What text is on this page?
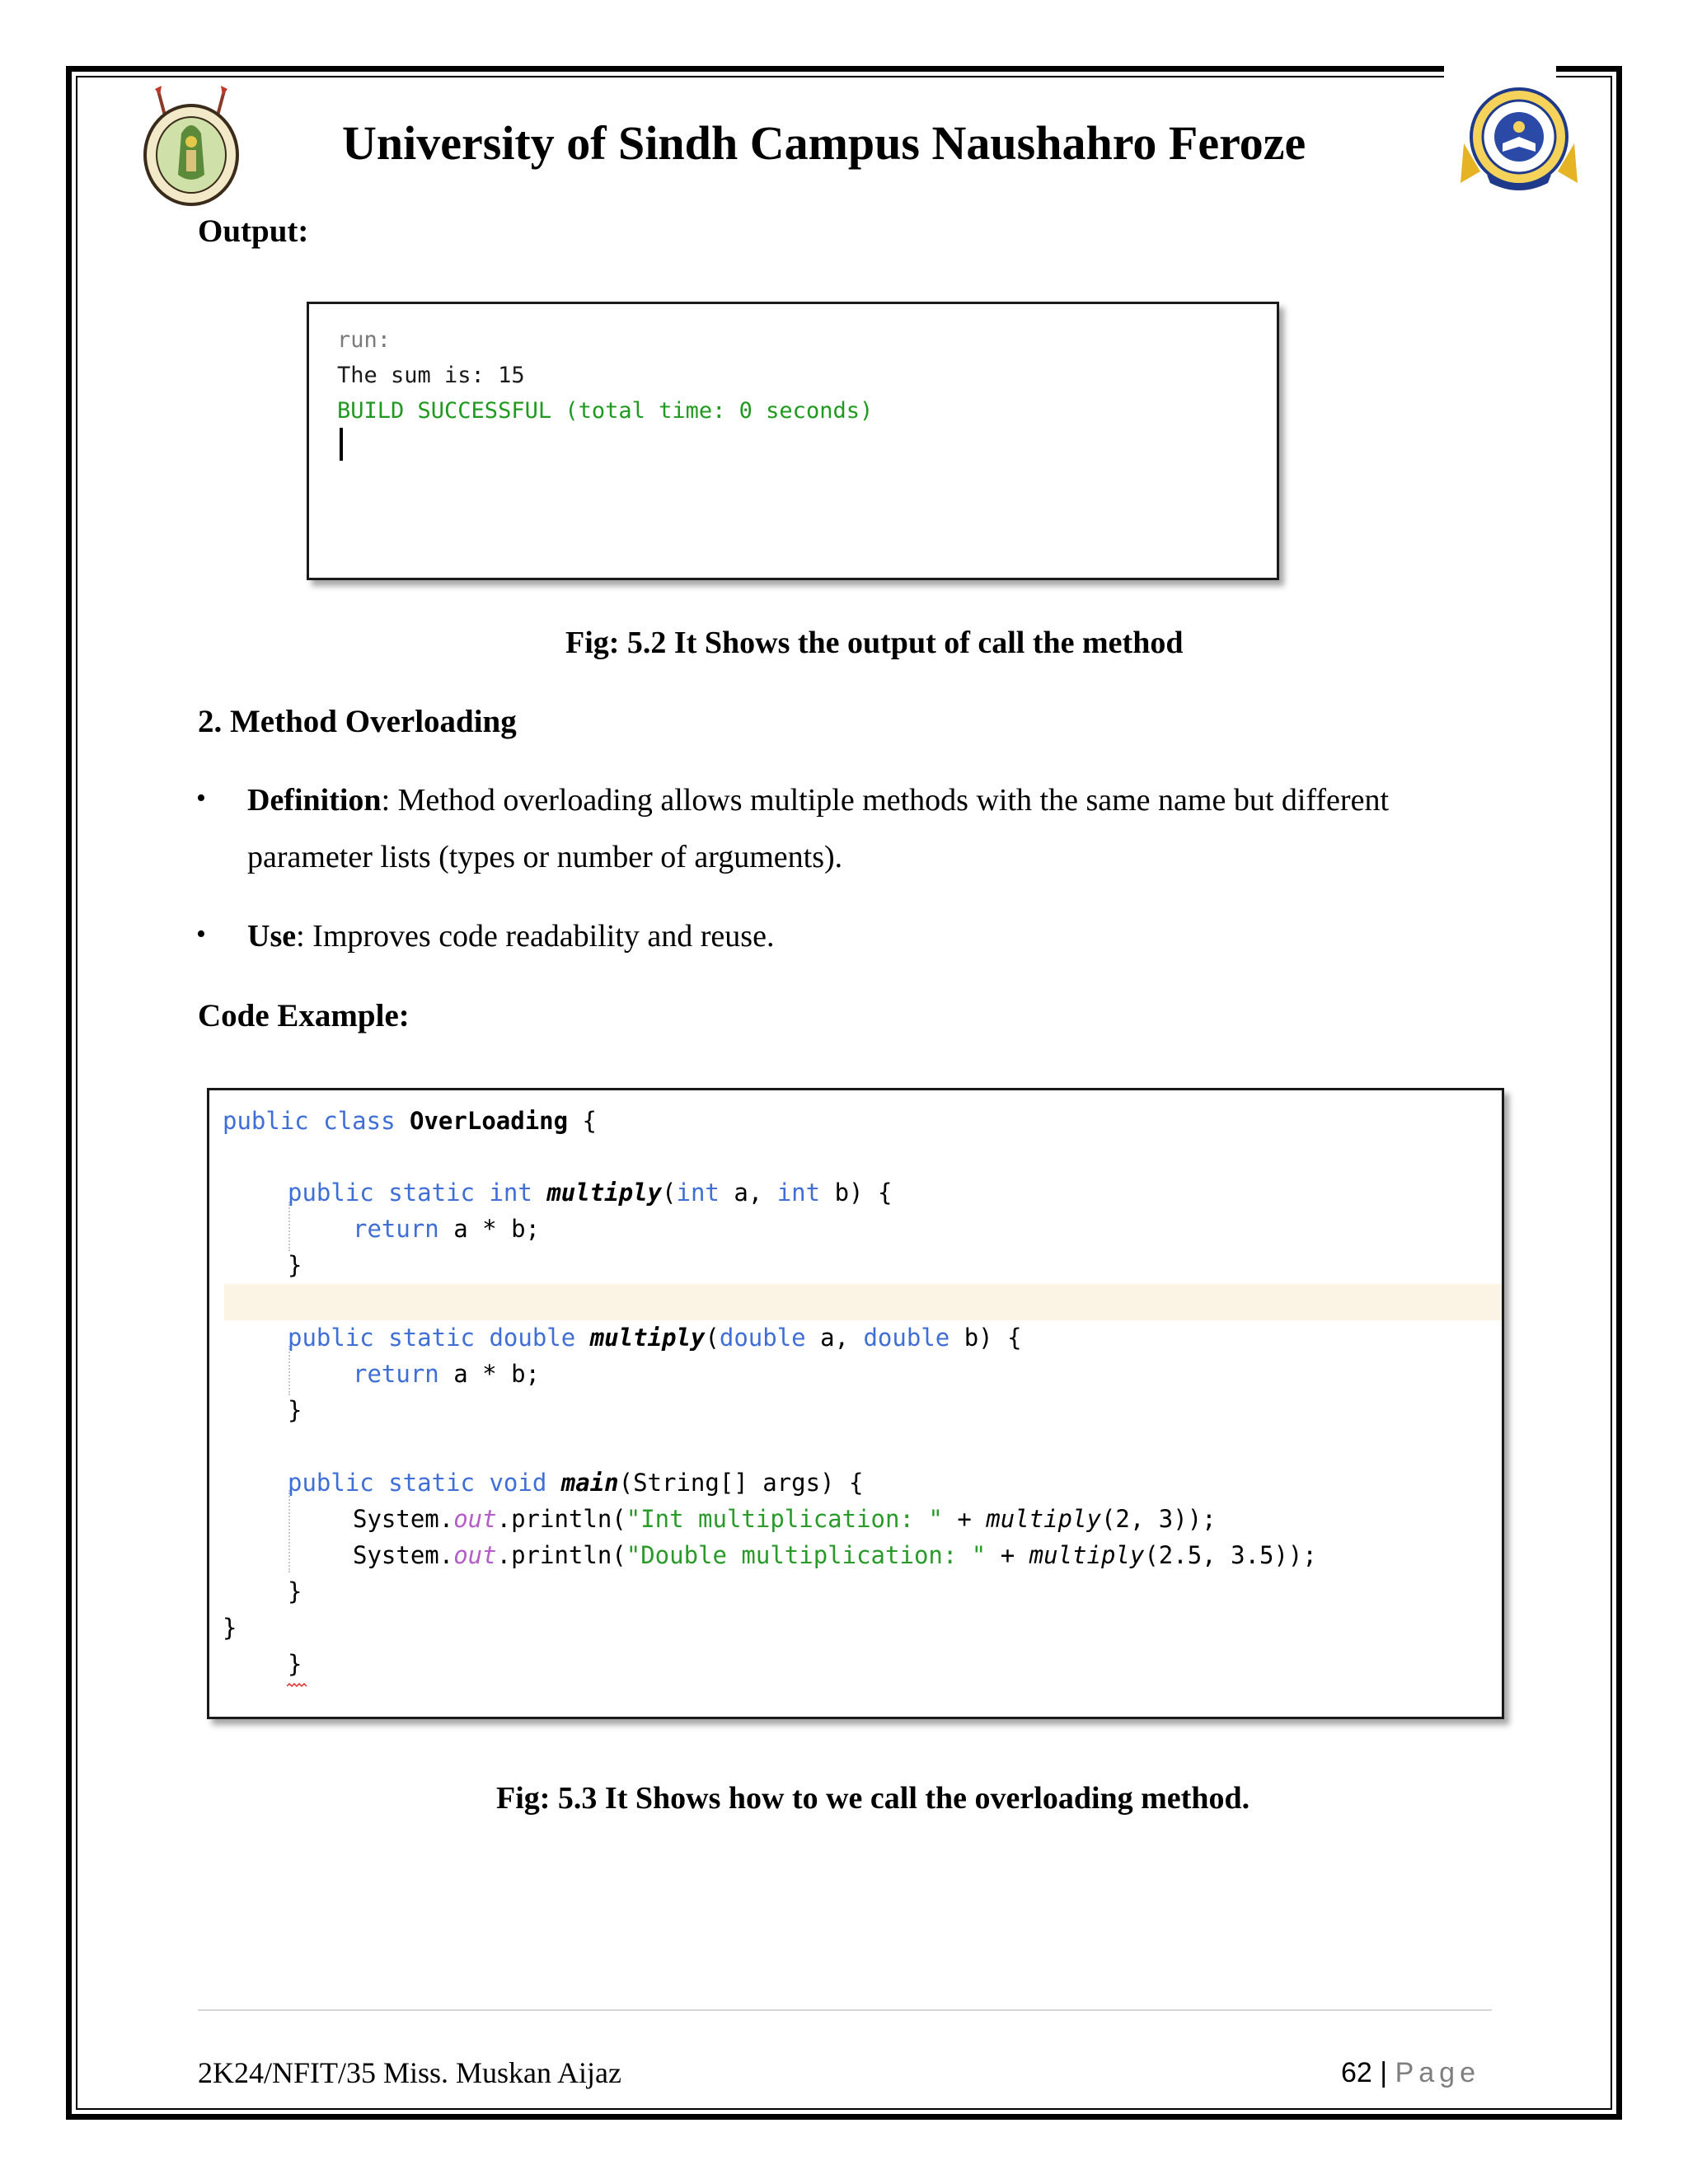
University of Sindh Campus Naushahro Feroze
Output:
run:
The sum is: 15
BUILD SUCCESSFUL (total time: 0 seconds)
Fig: 5.2 It Shows the output of call the method
2. Method Overloading
• Definition: Method overloading allows multiple methods with the same name but different
parameter lists (types or number of arguments).
• Use: Improves code readability and reuse.
Code Example:
public class OverLoading {
public static int multiply(int a, int b) {
return a * b;
}
public static double multiply(double a, double b) {
return a * b;
}
public static void main(String[] args) {
System.out.println("Int multiplication: " + multiply(2, 3));
System.out.println("Double multiplication: " + multiply(2.5, 3.5));
}
}
}
Fig: 5.3 It Shows how to we call the overloading method.
2K24/NFIT/35 Miss. Muskan Aijaz	62 | Page
